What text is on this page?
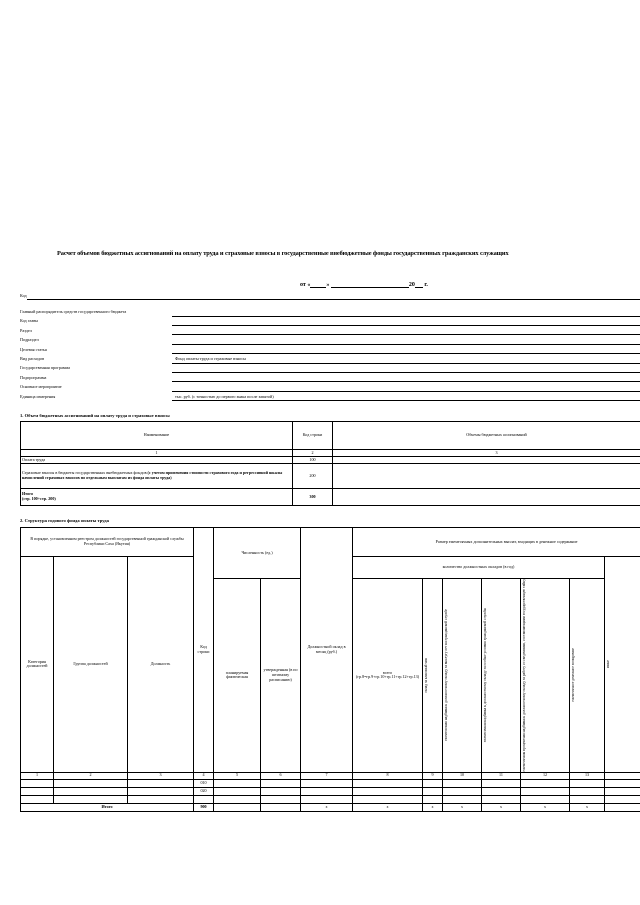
Расчет объемов бюджетных ассигнований на оплату труда и страховые взносы в государственные внебюджетные фонды государственных гражданских служащих
от «	»	20 г.
Код
Главный распорядитель средств государственного бюджета
Код главы
Раздел
Подраздел
Целевая статья
Вид расходов	Фонд оплаты труда и страховые взносы
Государственная программа
Подпрограмма
Основное мероприятие
Единица измерения	тыс. руб. (с точностью до первого знака после запятой)
1. Объем бюджетных ассигнований на оплату труда и страховые взносы
Наименование	Код строки	Объемы бюджетных ассигнований
1	2	3
Оплата труда	100	
Страховые взносы в бюджеты государственных внебюджетных фондов (с учетом применения стоимости страхового года и регрессивной шкалы начислений страховых взносов по отдельным выплатам из фонда оплаты труда)	200	

Итого
(стр. 100+стр. 200)	300	
2. Структура годового фонда оплаты труда
В порядке, установленном реестром должностей государственной гражданской службы Республики Саха (Якутия)			Код строки	Численность (ед.)		Должностной оклад в месяц (руб.)	Размер ежемесячных дополнительных выплат, входящих в денежное содержание						
Категория должностей	Группа должностей	Должность					количество должностных окладов (в год)						иные

				планируемая фактическая	утвержденная (в по штатному расписанию)		всего (гр.8=гр.9+гр.10+гр.11+гр.12+гр.13)	оклад за классный чин	ежемесячная надбавка к должностному окладу за выслугу лет на гражданской службе	ежемесячная надбавка к должностному окладу за особые условия гражданской службы	ежемесячная процентная надбавка к должностному окладу за работу со сведениями, составляющими государственную тайну	ежемесячное денежное поощрение	

1	2	3	4	5	6	7	8	9	10	11	12	13	
			010										
			020										

Итого			900			x	x	x	x	x	x	x	
